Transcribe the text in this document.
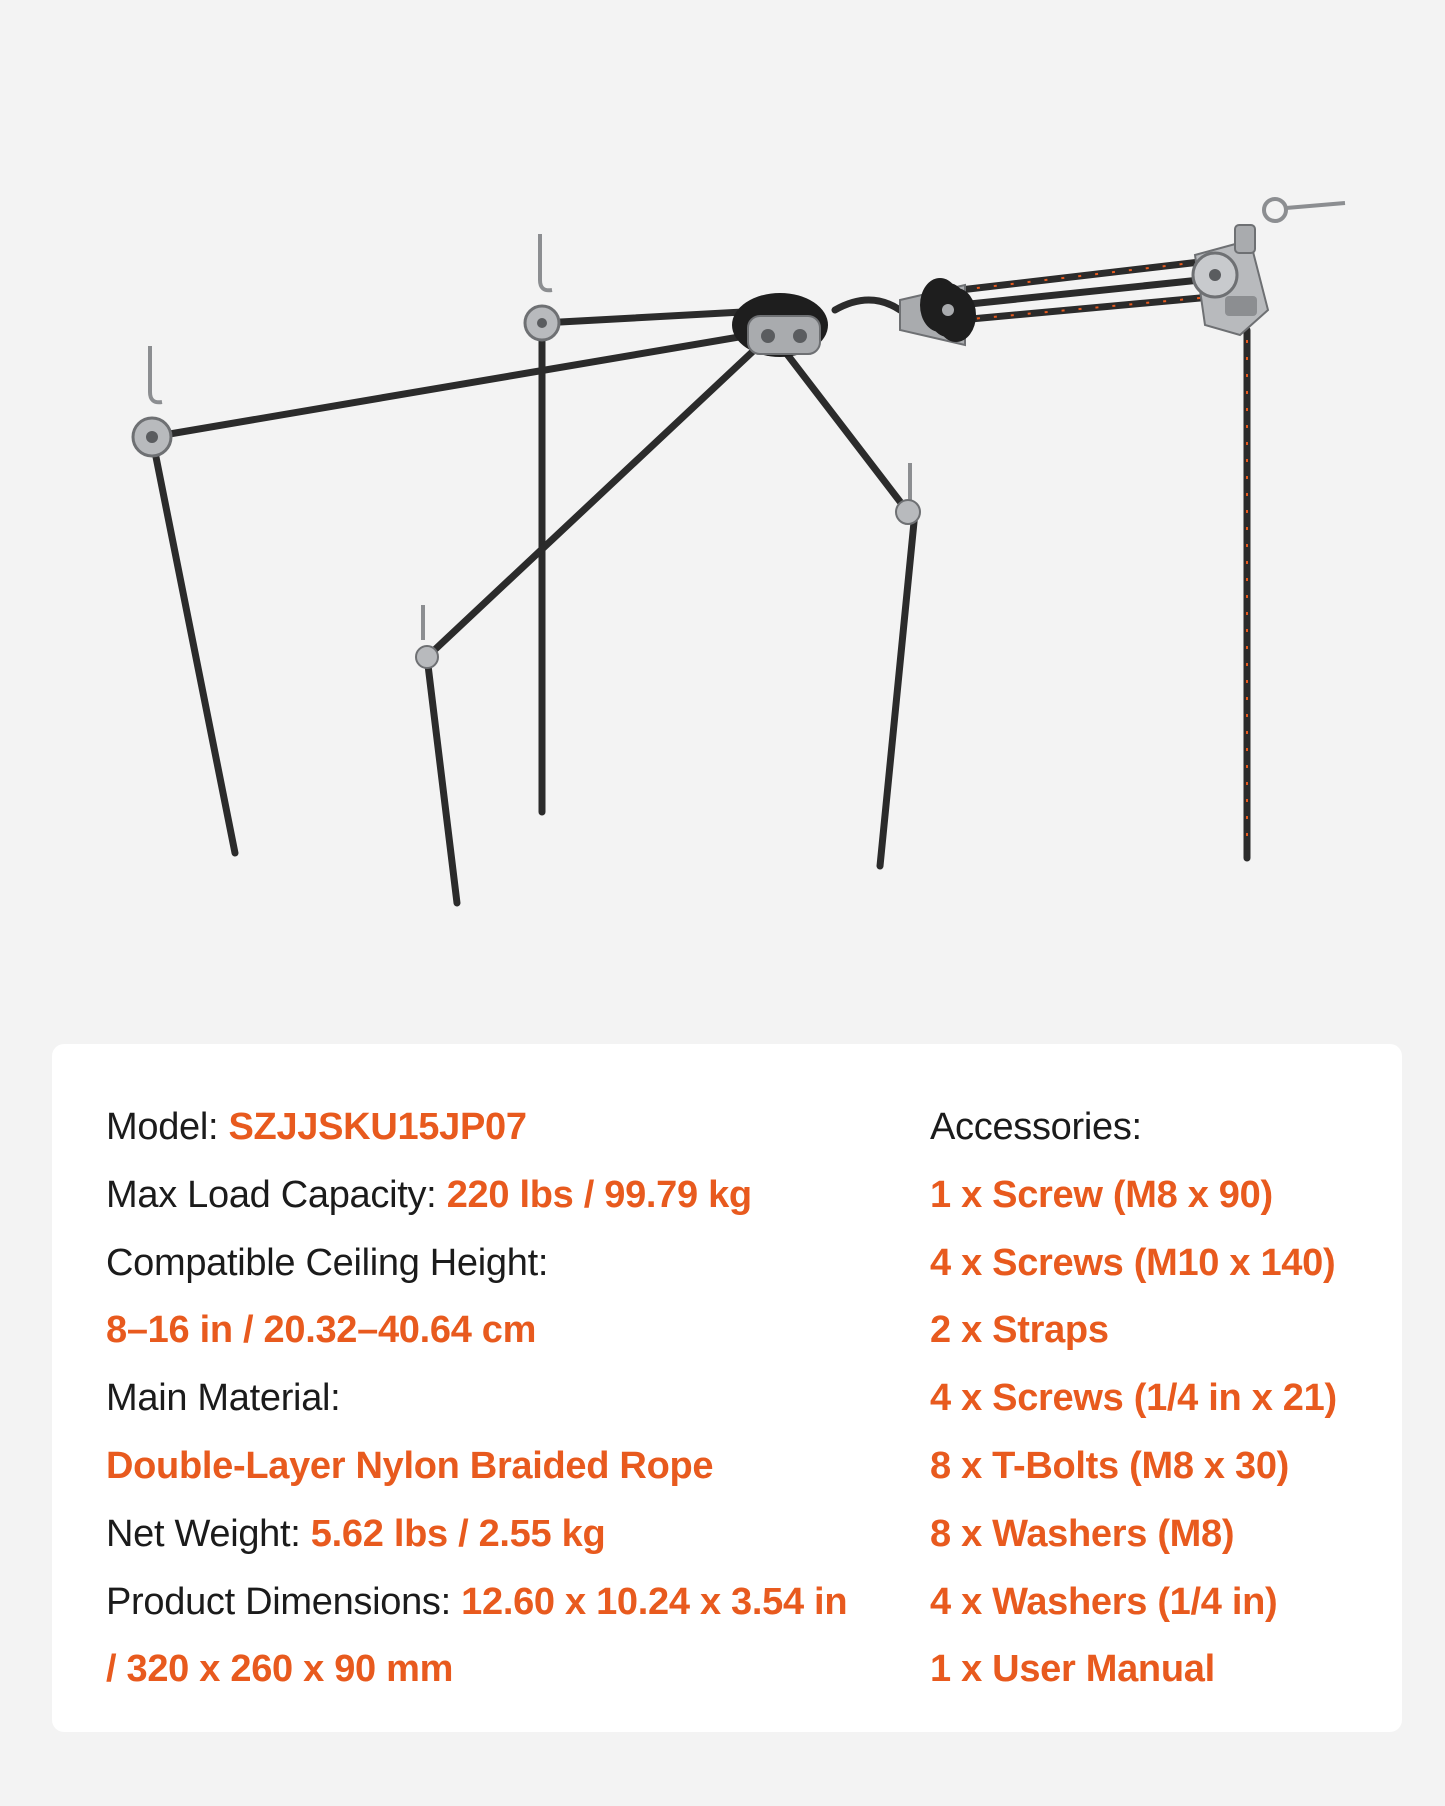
Model: SZJJSKU15JP07
Max Load Capacity: 220 lbs / 99.79 kg
Compatible Ceiling Height:
8–16 in / 20.32–40.64 cm
Main Material:
Double-Layer Nylon Braided Rope
Net Weight: 5.62 lbs / 2.55 kg
Product Dimensions: 12.60 x 10.24 x 3.54 in
/ 320 x 260 x 90 mm
Accessories:
1 x Screw (M8 x 90)
4 x Screws (M10 x 140)
2 x Straps
4 x Screws (1/4 in x 21)
8 x T-Bolts (M8 x 30)
8 x Washers (M8)
4 x Washers (1/4 in)
1 x User Manual
